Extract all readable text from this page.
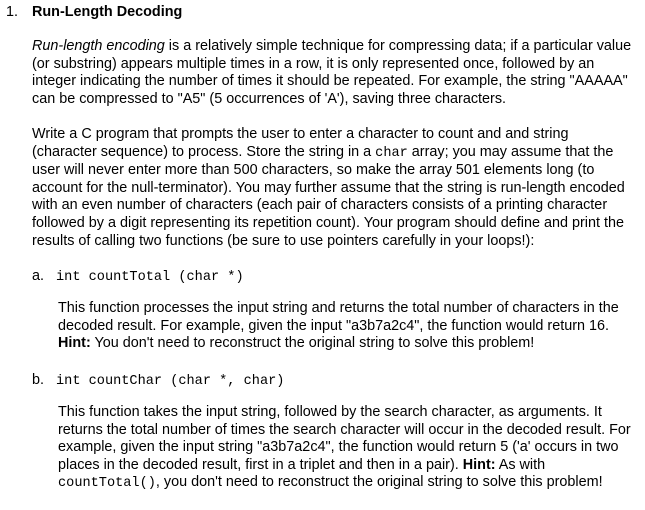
1. Run-Length Decoding
Run-length encoding is a relatively simple technique for compressing data; if a particular value (or substring) appears multiple times in a row, it is only represented once, followed by an integer indicating the number of times it should be repeated. For example, the string "AAAAA" can be compressed to "A5" (5 occurrences of 'A'), saving three characters.
Write a C program that prompts the user to enter a character to count and and string (character sequence) to process. Store the string in a char array; you may assume that the user will never enter more than 500 characters, so make the array 501 elements long (to account for the null-terminator). You may further assume that the string is run-length encoded with an even number of characters (each pair of characters consists of a printing character followed by a digit representing its repetition count). Your program should define and print the results of calling two functions (be sure to use pointers carefully in your loops!):
a. int countTotal (char *)
This function processes the input string and returns the total number of characters in the decoded result. For example, given the input "a3b7a2c4", the function would return 16. Hint: You don't need to reconstruct the original string to solve this problem!
b. int countChar (char *, char)
This function takes the input string, followed by the search character, as arguments. It returns the total number of times the search character will occur in the decoded result. For example, given the input string "a3b7a2c4", the function would return 5 ('a' occurs in two places in the decoded result, first in a triplet and then in a pair). Hint: As with countTotal(), you don't need to reconstruct the original string to solve this problem!
